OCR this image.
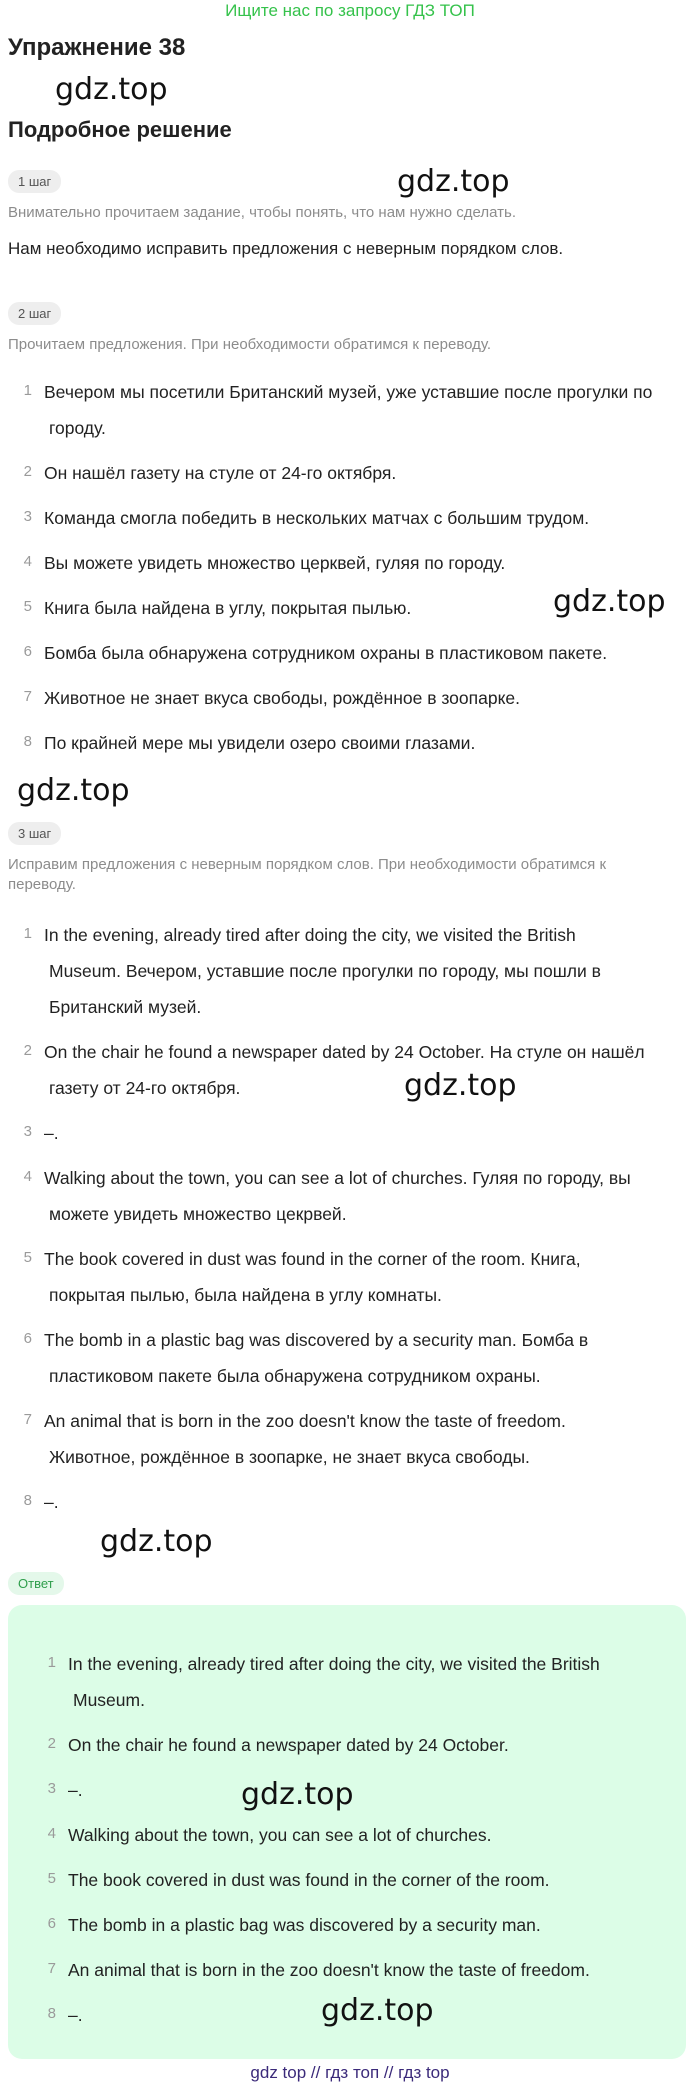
Ищите нас по запросу ГДЗ ТОП
Упражнение 38
gdz.top
Подробное решение
1 шаг	gdz.top
Внимательно прочитаем задание, чтобы понять, что нам нужно сделать.
Нам необходимо исправить предложения с неверным порядком слов.
2 шаг
Прочитаем предложения. При необходимости обратимся к переводу.
1 Вечером мы посетили Британский музей, уже уставшие после прогулки по
городу.
2 Он нашёл газету на стуле от 24-го октября.
3 Команда смогла победить в нескольких матчах с большим трудом.
4 Вы можете увидеть множество церквей, гуляя по городу.
5 Книга была найдена в углу, покрытая пылью.	gdz.top
6 Бомба была обнаружена сотрудником охраны в пластиковом пакете.
7 Животное не знает вкуса свободы, рождённое в зоопарке.
8 По крайней мере мы увидели озеро своими глазами.
gdz.top
3 шаг
Исправим предложения с неверным порядком слов. При необходимости обратимся к
переводу.
1 In the evening, already tired after doing the city, we visited the British
Museum. Вечером, уставшие после прогулки по городу, мы пошли в
Британский музей.
2 On the chair he found a newspaper dated by 24 October. На стуле он нашёл
газету от 24-го октября.	gdz.top
3 –.
4 Walking about the town, you can see a lot of churches. Гуляя по городу, вы
можете увидеть множество цекрвей.
5 The book covered in dust was found in the corner of the room. Книга,
покрытая пылью, была найдена в углу комнаты.
6 The bomb in a plastic bag was discovered by a security man. Бомба в
пластиковом пакете была обнаружена сотрудником охраны.
7 An animal that is born in the zoo doesn't know the taste of freedom.
Животное, рождённое в зоопарке, не знает вкуса свободы.
8 –.
gdz.top
Ответ
1 In the evening, already tired after doing the city, we visited the British
Museum.
2 On the chair he found a newspaper dated by 24 October.
3 –.	gdz.top
4 Walking about the town, you can see a lot of churches.
5 The book covered in dust was found in the corner of the room.
6 The bomb in a plastic bag was discovered by a security man.
7 An animal that is born in the zoo doesn't know the taste of freedom.
8 –.	gdz.top
gdz top // гдз топ // гдз top
